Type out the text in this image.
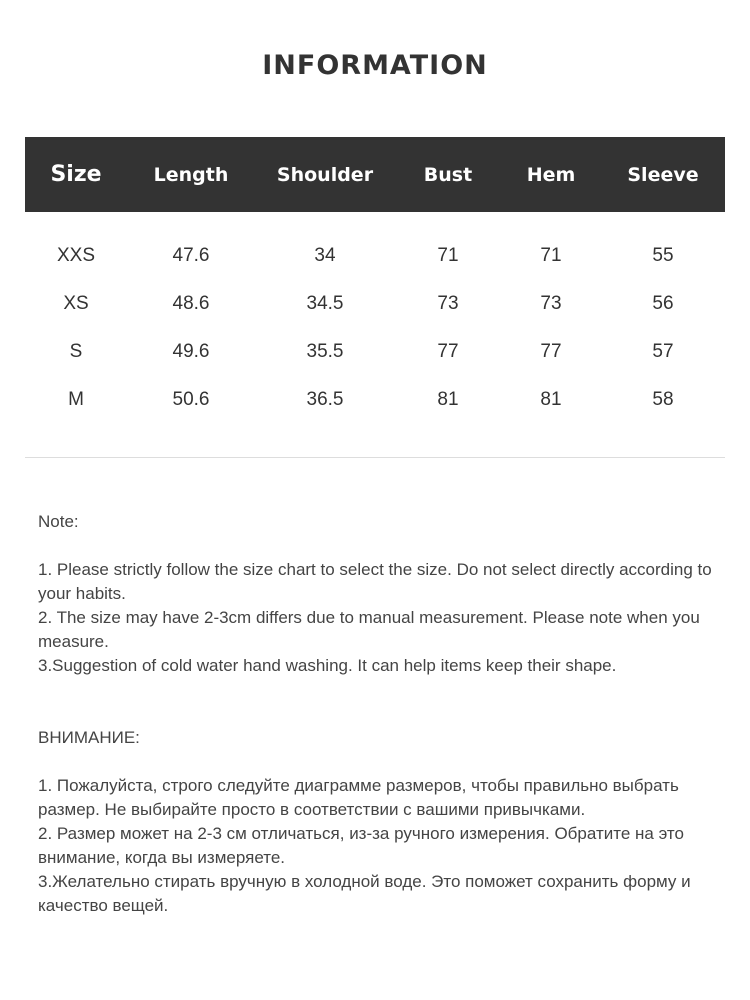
INFORMATION
Size	Length	Shoulder	Bust	Hem	Sleeve
XXS	47.6	34	71	71	55
XS	48.6	34.5	73	73	56
S	49.6	35.5	77	77	57
M	50.6	36.5	81	81	58
Note:

1. Please strictly follow the size chart to select the size. Do not select directly according to your habits.

2. The size may have 2-3cm differs due to manual measurement. Please note when you measure.

3.Suggestion of cold water hand washing. It can help items keep their shape.

ВНИМАНИЕ:

1. Пожалуйста, строго следуйте диаграмме размеров, чтобы правильно выбрать размер. Не выбирайте просто в соответствии с вашими привычками.

2. Размер может на 2-3 см отличаться, из-за ручного измерения. Обратите на это внимание, когда вы измеряете.

3.Желательно стирать вручную в холодной воде. Это поможет сохранить форму и качество вещей.
